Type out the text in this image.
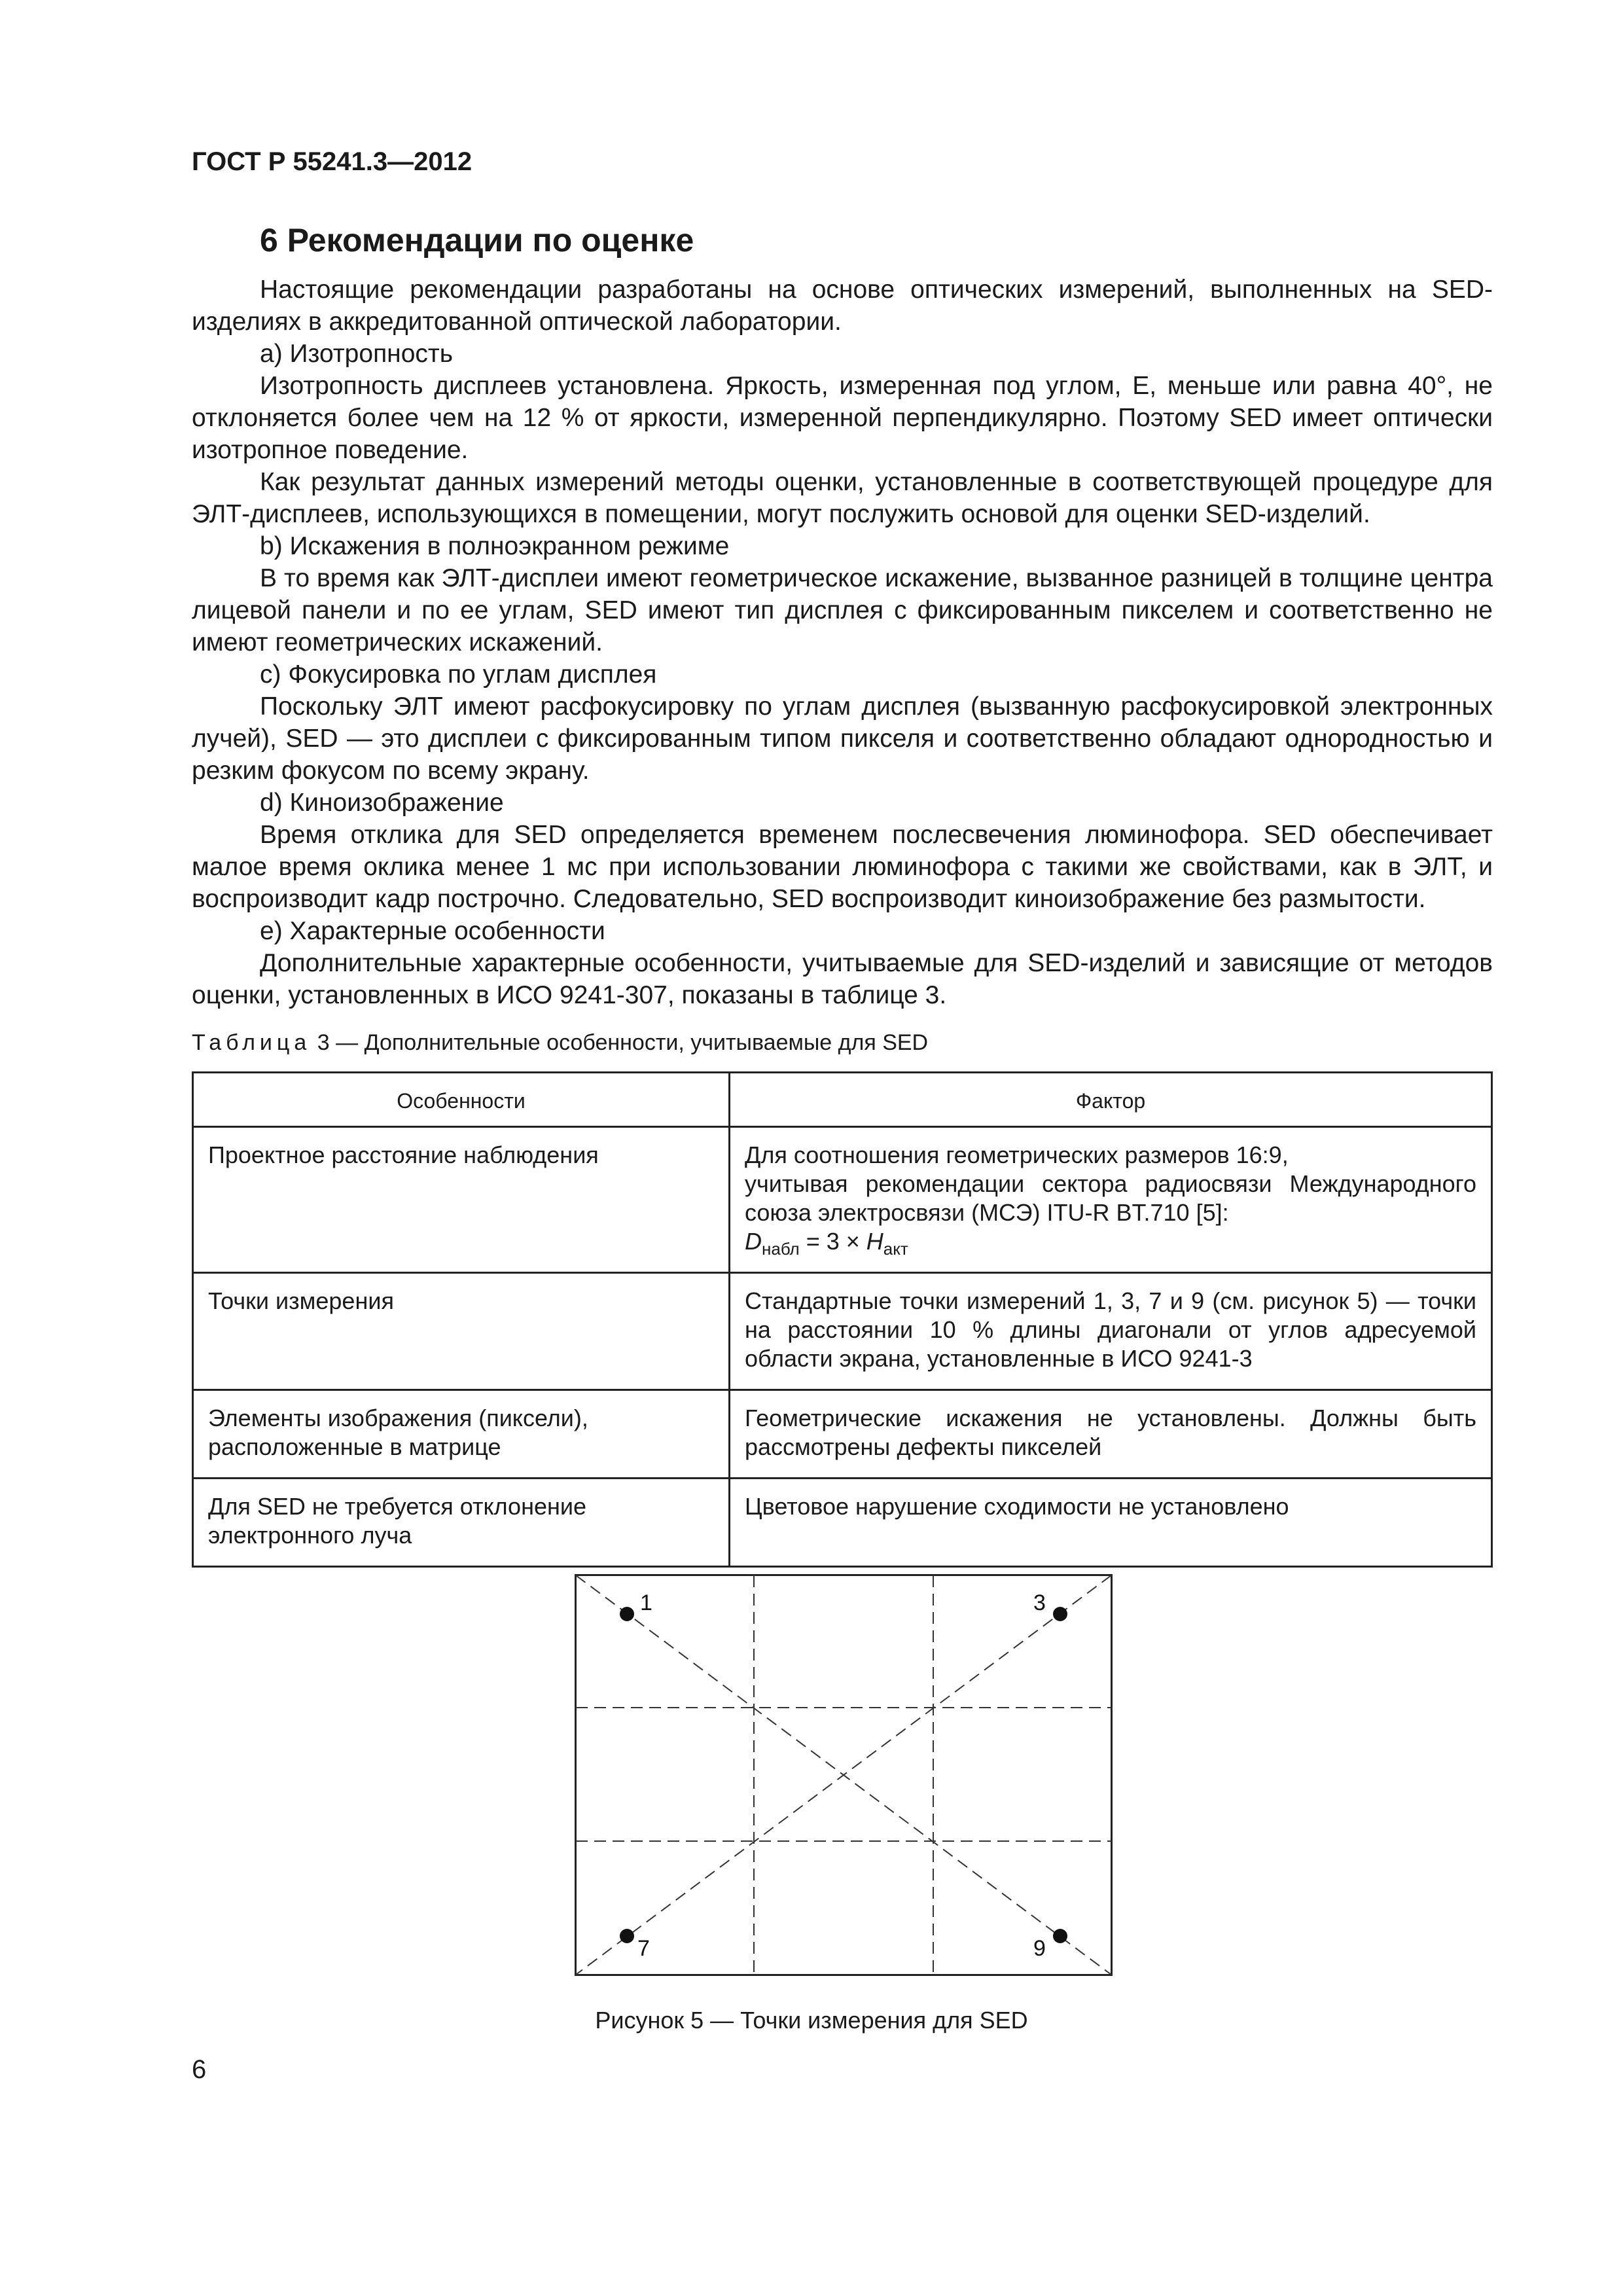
ГОСТ Р 55241.3—2012
6 Рекомендации по оценке

Настоящие рекомендации разработаны на основе оптических измерений, выполненных на SED-изделиях в аккредитованной оптической лаборатории.

a) Изотропность

Изотропность дисплеев установлена. Яркость, измеренная под углом, E, меньше или равна 40°, не отклоняется более чем на 12 % от яркости, измеренной перпендикулярно. Поэтому SED имеет оптически изотропное поведение.

Как результат данных измерений методы оценки, установленные в соответствующей процедуре для ЭЛТ-дисплеев, использующихся в помещении, могут послужить основой для оценки SED-изделий.

b) Искажения в полноэкранном режиме

В то время как ЭЛТ-дисплеи имеют геометрическое искажение, вызванное разницей в толщине центра лицевой панели и по ее углам, SED имеют тип дисплея с фиксированным пикселем и соответственно не имеют геометрических искажений.

c) Фокусировка по углам дисплея

Поскольку ЭЛТ имеют расфокусировку по углам дисплея (вызванную расфокусировкой электронных лучей), SED — это дисплеи с фиксированным типом пикселя и соответственно обладают однородностью и резким фокусом по всему экрану.

d) Киноизображение

Время отклика для SED определяется временем послесвечения люминофора. SED обеспечивает малое время оклика менее 1 мс при использовании люминофора с такими же свойствами, как в ЭЛТ, и воспроизводит кадр построчно. Следовательно, SED воспроизводит киноизображение без размытости.

e) Характерные особенности

Дополнительные характерные особенности, учитываемые для SED-изделий и зависящие от методов оценки, установленных в ИСО 9241-307, показаны в таблице 3.

Таблица 3 — Дополнительные особенности, учитываемые для SED
Особенности	Фактор
Проектное расстояние наблюдения	Для соотношения геометрических размеров 16:9,
учитывая рекомендации сектора радиосвязи Международного союза электросвязи (МСЭ) ITU-R BT.710 [5]:
$D_{набл} = 3 \times H_{акт}$

Точки измерения	Стандартные точки измерений 1, 3, 7 и 9 (см. рисунок 5) — точки на расстоянии 10 % длины диагонали от углов адресуемой области экрана, установленные в ИСО 9241-3
Элементы изображения (пиксели), расположенные в матрице	Геометрические искажения не установлены. Должны быть рассмотрены дефекты пикселей
Для SED не требуется отклонение электронного луча	Цветовое нарушение сходимости не установлено
1	3
7	9
Рисунок 5 — Точки измерения для SED
6
